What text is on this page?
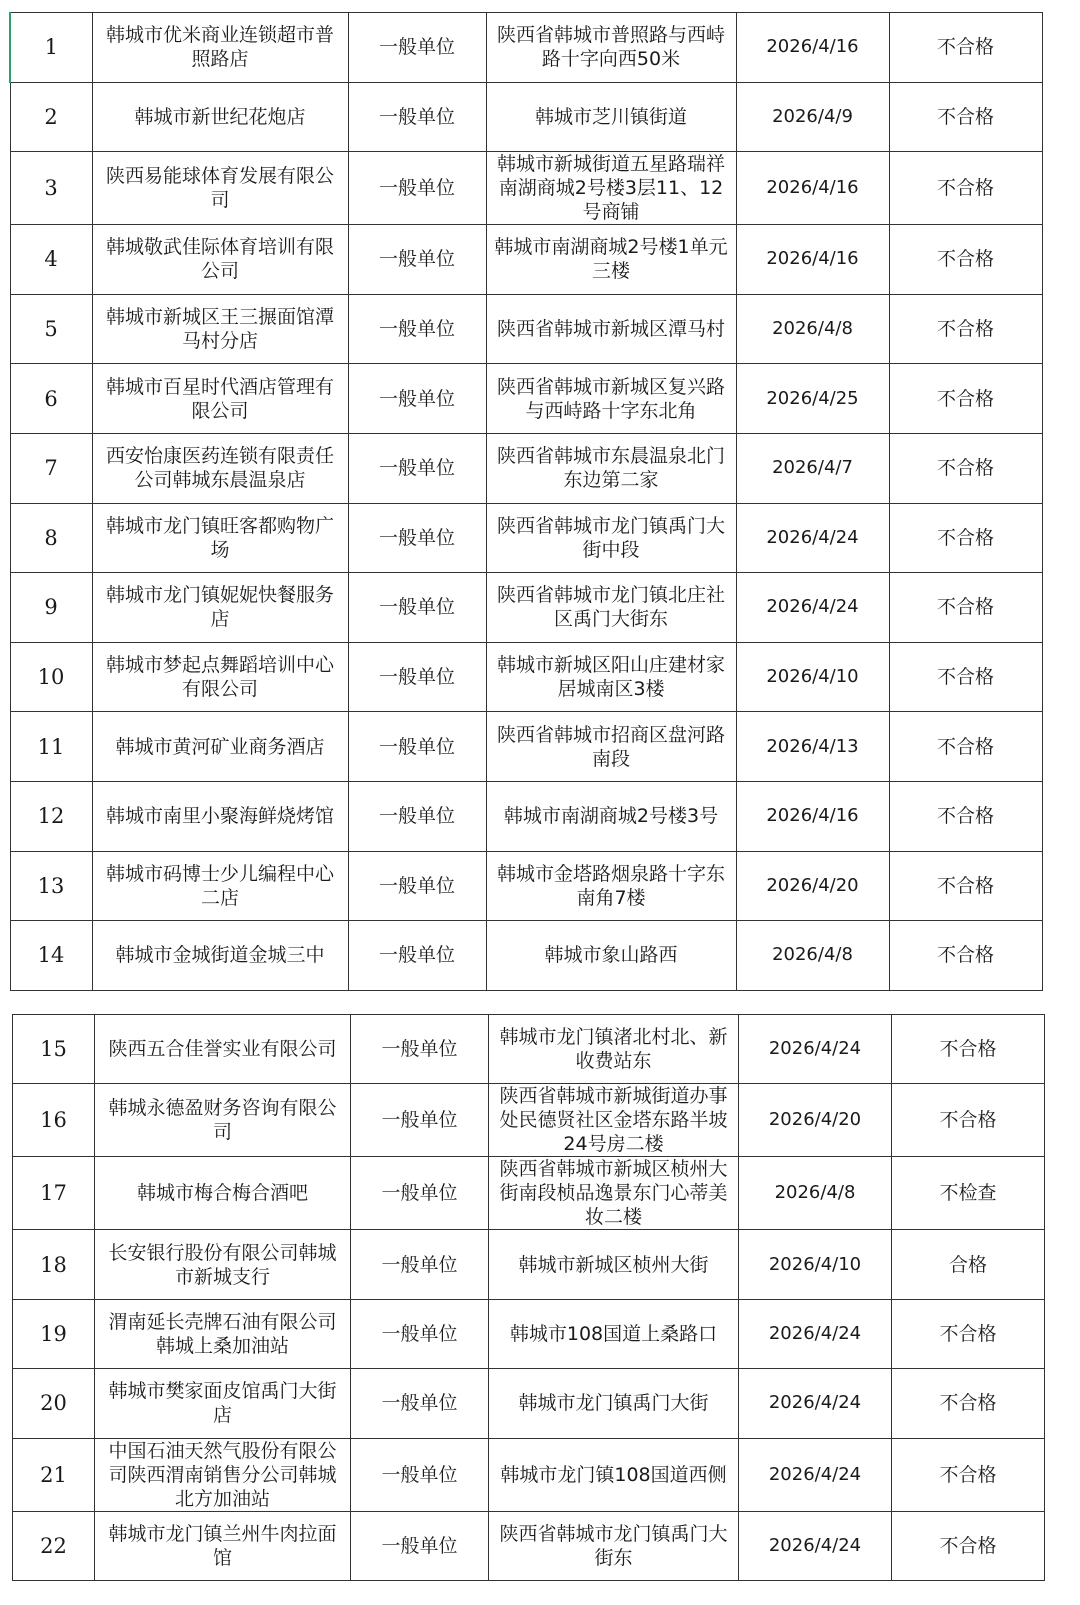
1	韩城市优米商业连锁超市普照路店	一般单位	陕西省韩城市普照路与西峙路十字向西50米	2026/4/16	不合格
2	韩城市新世纪花炮店	一般单位	韩城市芝川镇街道	2026/4/9	不合格
3	陕西易能球体育发展有限公司	一般单位	韩城市新城街道五星路瑞祥南湖商城2号楼3层11、12号商铺	2026/4/16	不合格
4	韩城敬武佳际体育培训有限公司	一般单位	韩城市南湖商城2号楼1单元三楼	2026/4/16	不合格
5	韩城市新城区王三搌面馆潭马村分店	一般单位	陕西省韩城市新城区潭马村	2026/4/8	不合格
6	韩城市百星时代酒店管理有限公司	一般单位	陕西省韩城市新城区复兴路与西峙路十字东北角	2026/4/25	不合格
7	西安怡康医药连锁有限责任公司韩城东晨温泉店	一般单位	陕西省韩城市东晨温泉北门东边第二家	2026/4/7	不合格
8	韩城市龙门镇旺客都购物广场	一般单位	陕西省韩城市龙门镇禹门大街中段	2026/4/24	不合格
9	韩城市龙门镇妮妮快餐服务店	一般单位	陕西省韩城市龙门镇北庄社区禹门大街东	2026/4/24	不合格
10	韩城市梦起点舞蹈培训中心有限公司	一般单位	韩城市新城区阳山庄建材家居城南区3楼	2026/4/10	不合格
11	韩城市黄河矿业商务酒店	一般单位	陕西省韩城市招商区盘河路南段	2026/4/13	不合格
12	韩城市南里小聚海鲜烧烤馆	一般单位	韩城市南湖商城2号楼3号	2026/4/16	不合格
13	韩城市码博士少儿编程中心二店	一般单位	韩城市金塔路烟泉路十字东南角7楼	2026/4/20	不合格
14	韩城市金城街道金城三中	一般单位	韩城市象山路西	2026/4/8	不合格
15	陕西五合佳誉实业有限公司	一般单位	韩城市龙门镇渚北村北、新收费站东	2026/4/24	不合格
16	韩城永德盈财务咨询有限公司	一般单位	陕西省韩城市新城街道办事处民德贤社区金塔东路半坡24号房二楼	2026/4/20	不合格
17	韩城市梅合梅合酒吧	一般单位	陕西省韩城市新城区桢州大街南段桢品逸景东门心蒂美妆二楼	2026/4/8	不检查
18	长安银行股份有限公司韩城市新城支行	一般单位	韩城市新城区桢州大街	2026/4/10	合格
19	渭南延长壳牌石油有限公司韩城上桑加油站	一般单位	韩城市108国道上桑路口	2026/4/24	不合格
20	韩城市樊家面皮馆禹门大街店	一般单位	韩城市龙门镇禹门大街	2026/4/24	不合格
21	中国石油天然气股份有限公司陕西渭南销售分公司韩城北方加油站	一般单位	韩城市龙门镇108国道西侧	2026/4/24	不合格
22	韩城市龙门镇兰州牛肉拉面馆	一般单位	陕西省韩城市龙门镇禹门大街东	2026/4/24	不合格
